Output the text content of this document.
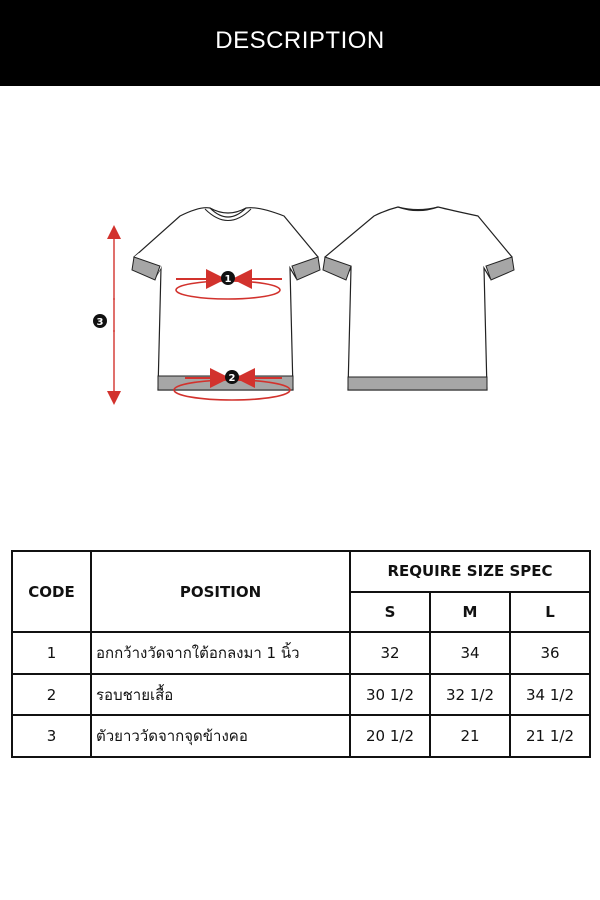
DESCRIPTION
1
2
3
CODE	POSITION	REQUIRE SIZE SPEC		
		S	M	L
1	อกกว้างวัดจากใต้อกลงมา 1 นิ้ว	32	34	36
2	รอบชายเสื้อ	30 1/2	32 1/2	34 1/2
3	ตัวยาววัดจากจุดข้างคอ	20 1/2	21	21 1/2
